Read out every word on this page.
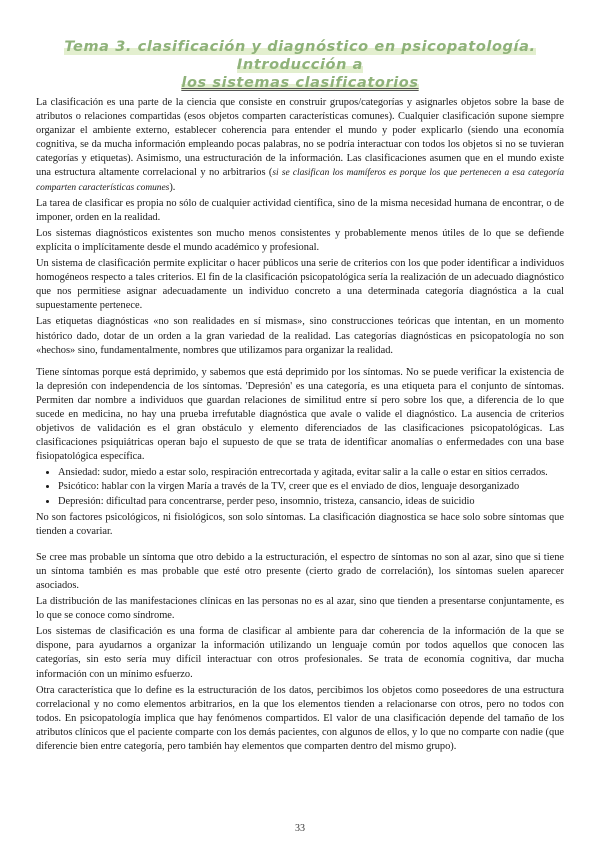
Tema 3. clasificación y diagnóstico en psicopatología. Introducción a
los sistemas clasificatorios

La clasificación es una parte de la ciencia que consiste en construir grupos/categorías y asignarles objetos sobre la base de atributos o relaciones compartidas (esos objetos comparten características comunes). Cualquier clasificación supone siempre organizar el ambiente externo, establecer coherencia para entender el mundo y poder explicarlo (siendo una economía cognitiva, se da mucha información empleando pocas palabras, no se podría interactuar con todos los objetos si no se tuvieran categorías y etiquetas). Asimismo, una estructuración de la información. Las clasificaciones asumen que en el mundo existe una estructura altamente correlacional y no arbitrarios (si se clasifican los mamíferos es porque los que pertenecen a esa categoría comparten características comunes).

La tarea de clasificar es propia no sólo de cualquier actividad científica, sino de la misma necesidad humana de encontrar, o de imponer, orden en la realidad.

Los sistemas diagnósticos existentes son mucho menos consistentes y probablemente menos útiles de lo que se defiende explícita o implícitamente desde el mundo académico y profesional.

Un sistema de clasificación permite explicitar o hacer públicos una serie de criterios con los que poder identificar a individuos homogéneos respecto a tales criterios. El fin de la clasificación psicopatológica sería la realización de un adecuado diagnóstico que nos permitiese asignar adecuadamente un individuo concreto a una determinada categoría diagnóstica a la cual supuestamente pertenece.

Las etiquetas diagnósticas «no son realidades en sí mismas», sino construcciones teóricas que intentan, en un momento histórico dado, dotar de un orden a la gran variedad de la realidad. Las categorías diagnósticas en psicopatología no son «hechos» sino, fundamentalmente, nombres que utilizamos para organizar la realidad.

Tiene síntomas porque está deprimido, y sabemos que está deprimido por los síntomas. No se puede verificar la existencia de la depresión con independencia de los síntomas. 'Depresión' es una categoría, es una etiqueta para el conjunto de síntomas. Permiten dar nombre a individuos que guardan relaciones de similitud entre sí pero sobre los que, a diferencia de lo que sucede en medicina, no hay una prueba irrefutable diagnóstica que avale o valide el diagnóstico. La ausencia de criterios objetivos de validación es el gran obstáculo y elemento diferenciados de las clasificaciones psicopatológicas. Las clasificaciones psiquiátricas operan bajo el supuesto de que se trata de identificar anomalías o enfermedades con una base fisiopatológica específica.

• Ansiedad: sudor, miedo a estar solo, respiración entrecortada y agitada, evitar salir a la calle o estar en sitios cerrados.
• Psicótico: hablar con la virgen María a través de la TV, creer que es el enviado de dios, lenguaje desorganizado
• Depresión: dificultad para concentrarse, perder peso, insomnio, tristeza, cansancio, ideas de suicidio

No son factores psicológicos, ni fisiológicos, son solo síntomas. La clasificación diagnostica se hace solo sobre síntomas que tienden a covariar.

Se cree mas probable un síntoma que otro debido a la estructuración, el espectro de síntomas no son al azar, sino que si tiene un síntoma también es mas probable que esté otro presente (cierto grado de correlación), los síntomas suelen aparecer asociados.

La distribución de las manifestaciones clínicas en las personas no es al azar, sino que tienden a presentarse conjuntamente, es lo que se conoce como síndrome.

Los sistemas de clasificación es una forma de clasificar al ambiente para dar coherencia de la información de la que se dispone, para ayudarnos a organizar la información utilizando un lenguaje común por todos aquellos que conocen las categorías, sin esto sería muy difícil interactuar con otros profesionales. Se trata de economía cognitiva, dar mucha información con un mínimo esfuerzo.

Otra característica que lo define es la estructuración de los datos, percibimos los objetos como poseedores de una estructura correlacional y no como elementos arbitrarios, en la que los elementos tienden a relacionarse con otros, pero no todos con todos. En psicopatología implica que hay fenómenos compartidos. El valor de una clasificación depende del tamaño de los atributos clínicos que el paciente comparte con los demás pacientes, con algunos de ellos, y lo que no comparte con nadie (que diferencie bien entre categoría, pero también hay elementos que comparten dentro del mismo grupo).

33
